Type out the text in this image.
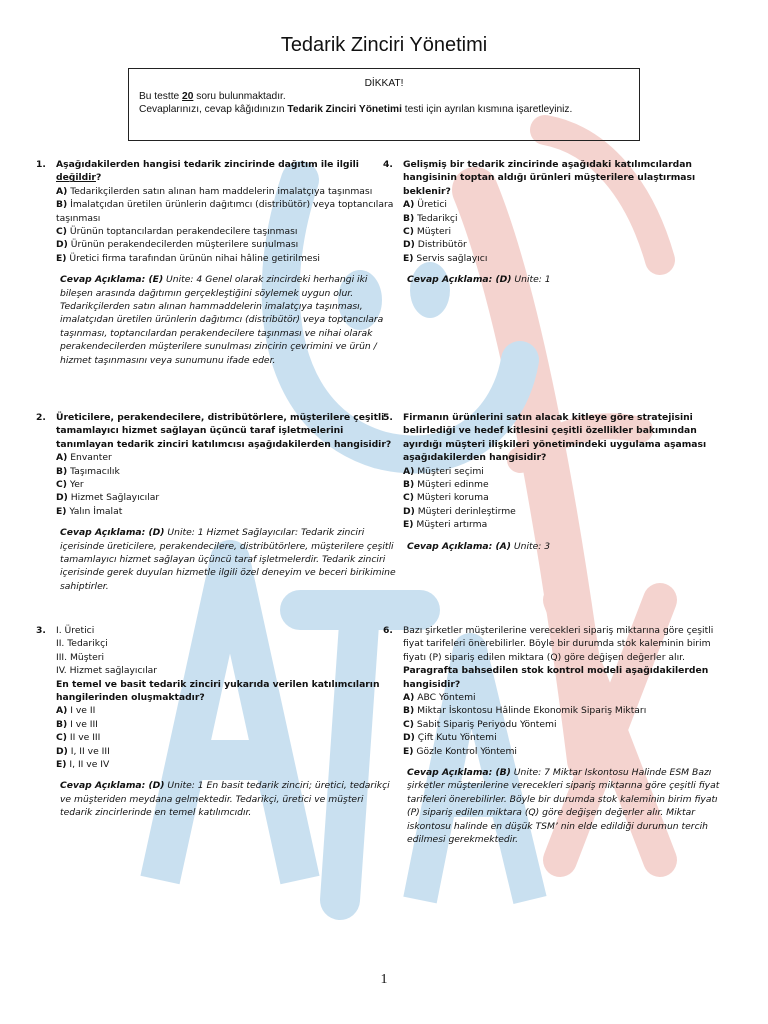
Tedarik Zinciri Yönetimi
DİKKAT!
Bu testte 20 soru bulunmaktadır.
Cevaplarınızı, cevap kâğıdınızın Tedarik Zinciri Yönetimi testi için ayrılan kısmına işaretleyiniz.
1. Aşağıdakilerden hangisi tedarik zincirinde dağıtım ile ilgili değildir?
A) Tedarikçilerden satın alınan ham maddelerin imalatçıya taşınması
B) İmalatçıdan üretilen ürünlerin dağıtımcı (distribütör) veya toptancılara taşınması
C) Ürünün toptancılardan perakendecilere taşınması
D) Ürünün perakendecilerden müşterilere sunulması
E) Üretici firma tarafından ürünün nihai hâline getirilmesi
Cevap Açıklama: (E) Unite: 4 Genel olarak zincirdeki herhangi iki bileşen arasında dağıtımın gerçekleştiğini söylemek uygun olur. Tedarikçilerden satın alınan hammaddelerin imalatçıya taşınması, imalatçıdan üretilen ürünlerin dağıtımcı (distribütör) veya toptancılara taşınması, toptancılardan perakendecilere taşınması ve nihai olarak perakendecilerden müşterilere sunulması zincirin çevrimini ve ürün / hizmet taşınmasını veya sunumunu ifade eder.
2. Üreticilere, perakendecilere, distribütörlere, müşterilere çeşitli tamamlayıcı hizmet sağlayan üçüncü taraf işletmelerini tanımlayan tedarik zinciri katılımcısı aşağıdakilerden hangisidir?
A) Envanter
B) Taşımacılık
C) Yer
D) Hizmet Sağlayıcılar
E) Yalın İmalat
Cevap Açıklama: (D) Unite: 1 Hizmet Sağlayıcılar: Tedarik zinciri içerisinde üreticilere, perakendecilere, distribütörlere, müşterilere çeşitli tamamlayıcı hizmet sağlayan üçüncü taraf işletmelerdir. Tedarik zinciri içerisinde gerek duyulan hizmetle ilgili özel deneyim ve beceri birikimine sahiptirler.
3. I. Üretici
II. Tedarikçi
III. Müşteri
IV. Hizmet sağlayıcılar
En temel ve basit tedarik zinciri yukarıda verilen katılımcıların hangilerinden oluşmaktadır?
A) I ve II
B) I ve III
C) II ve III
D) I, II ve III
E) I, II ve IV
Cevap Açıklama: (D) Unite: 1 En basit tedarik zinciri; üretici, tedarikçi ve müşteriden meydana gelmektedir. Tedarikçi, üretici ve müşteri tedarik zincirlerinde en temel katılımcıdır.
4. Gelişmiş bir tedarik zincirinde aşağıdaki katılımcılardan hangisinin toptan aldığı ürünleri müşterilere ulaştırması beklenir?
A) Üretici
B) Tedarikçi
C) Müşteri
D) Distribütör
E) Servis sağlayıcı
Cevap Açıklama: (D) Unite: 1
5. Firmanın ürünlerini satın alacak kitleye göre stratejisini belirlediği ve hedef kitlesini çeşitli özellikler bakımından ayırdığı müşteri ilişkileri yönetimindeki uygulama aşaması aşağıdakilerden hangisidir?
A) Müşteri seçimi
B) Müşteri edinme
C) Müşteri koruma
D) Müşteri derinleştirme
E) Müşteri artırma
Cevap Açıklama: (A) Unite: 3
6. Bazı şirketler müşterilerine verecekleri sipariş miktarına göre çeşitli fiyat tarifeleri önerebilirler. Böyle bir durumda stok kaleminin birim fiyatı (P) sipariş edilen miktara (Q) göre değişen değerler alır.
Paragrafta bahsedilen stok kontrol modeli aşağıdakilerden hangisidir?
A) ABC Yöntemi
B) Miktar İskontosu Hâlinde Ekonomik Sipariş Miktarı
C) Sabit Sipariş Periyodu Yöntemi
D) Çift Kutu Yöntemi
E) Gözle Kontrol Yöntemi
Cevap Açıklama: (B) Unite: 7 Miktar Iskontosu Halinde ESM Bazı şirketler müşterilerine verecekleri sipariş miktarına göre çeşitli fiyat tarifeleri önerebilirler. Böyle bir durumda stok kaleminin birim fiyatı (P) sipariş edilen miktara (Q) göre değişen değerler alır. Miktar iskontosu halinde en düşük TSM’ nin elde edildiği durumun tercih edilmesi gerekmektedir.
1
